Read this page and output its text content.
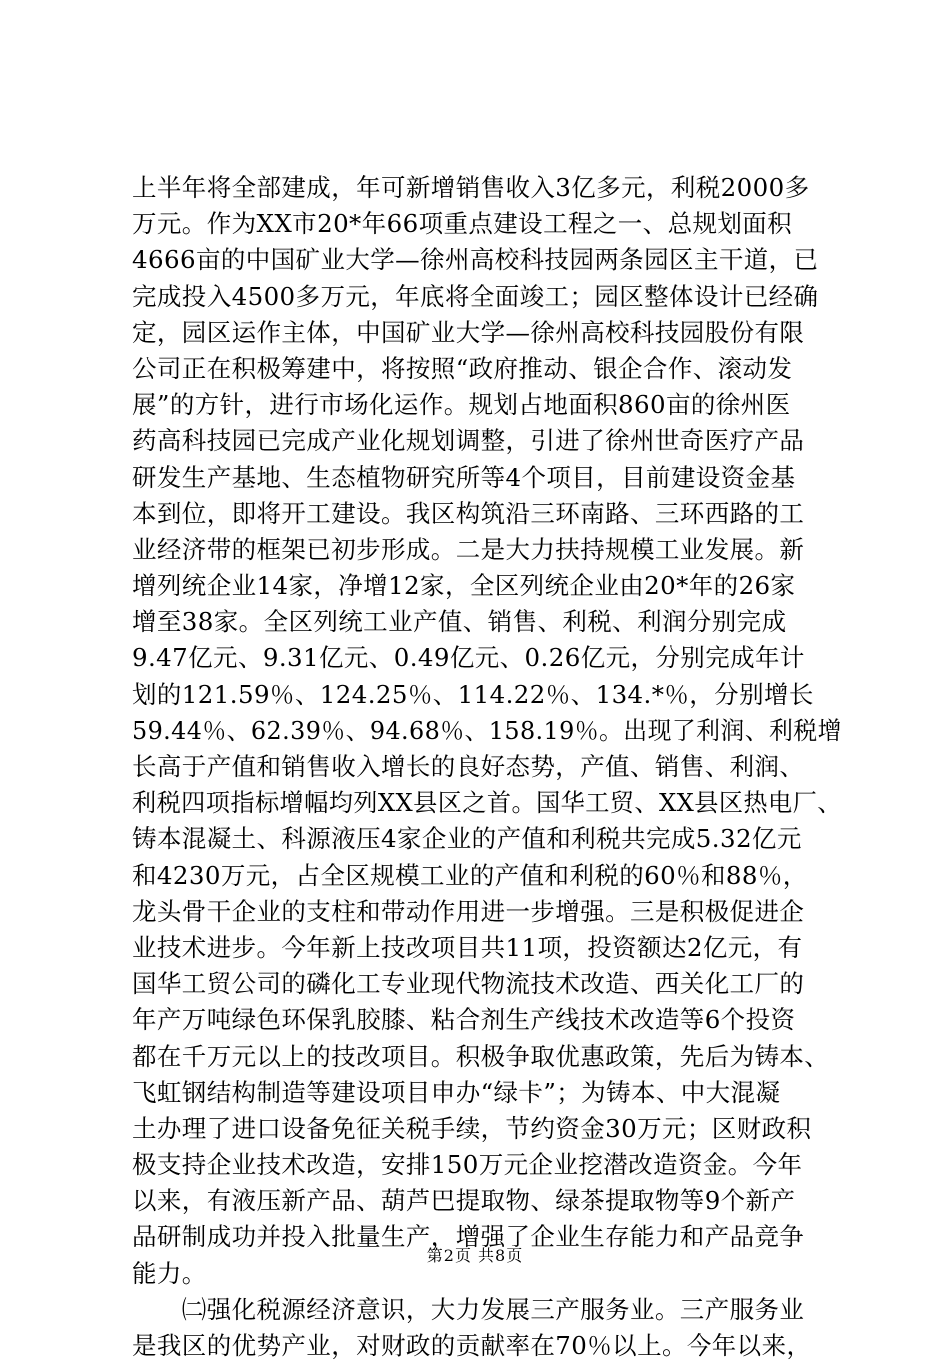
上半年将全部建成，年可新增销售收入3亿多元，利税2000多
万元。作为XX市20*年66项重点建设工程之一、总规划面积
4666亩的中国矿业大学—徐州高校科技园两条园区主干道，已
完成投入4500多万元，年底将全面竣工；园区整体设计已经确
定，园区运作主体，中国矿业大学—徐州高校科技园股份有限
公司正在积极筹建中，将按照“政府推动、银企合作、滚动发
展”的方针，进行市场化运作。规划占地面积860亩的徐州医
药高科技园已完成产业化规划调整，引进了徐州世奇医疗产品
研发生产基地、生态植物研究所等4个项目，目前建设资金基
本到位，即将开工建设。我区构筑沿三环南路、三环西路的工
业经济带的框架已初步形成。二是大力扶持规模工业发展。新
增列统企业14家，净增12家，全区列统企业由20*年的26家
增至38家。全区列统工业产值、销售、利税、利润分别完成
9.47亿元、9.31亿元、0.49亿元、0.26亿元，分别完成年计
划的121.59％、124.25％、114.22％、134.*％，分别增长
59.44％、62.39％、94.68％、158.19％。出现了利润、利税增
长高于产值和销售收入增长的良好态势，产值、销售、利润、
利税四项指标增幅均列XX县区之首。国华工贸、XX县区热电厂、
铸本混凝土、科源液压4家企业的产值和利税共完成5.32亿元
和4230万元，占全区规模工业的产值和利税的60％和88％，
龙头骨干企业的支柱和带动作用进一步增强。三是积极促进企
业技术进步。今年新上技改项目共11项，投资额达2亿元，有
国华工贸公司的磷化工专业现代物流技术改造、西关化工厂的
年产万吨绿色环保乳胶膝、粘合剂生产线技术改造等6个投资
都在千万元以上的技改项目。积极争取优惠政策，先后为铸本、
飞虹钢结构制造等建设项目申办“绿卡”；为铸本、中大混凝
土办理了进口设备免征关税手续，节约资金30万元；区财政积
极支持企业技术改造，安排150万元企业挖潜改造资金。今年
以来，有液压新产品、葫芦巴提取物、绿茶提取物等9个新产
品研制成功并投入批量生产，增强了企业生存能力和产品竞争
能力。
　　㈡强化税源经济意识，大力发展三产服务业。三产服务业
是我区的优势产业，对财政的贡献率在70％以上。今年以来，
第2页 共8页
